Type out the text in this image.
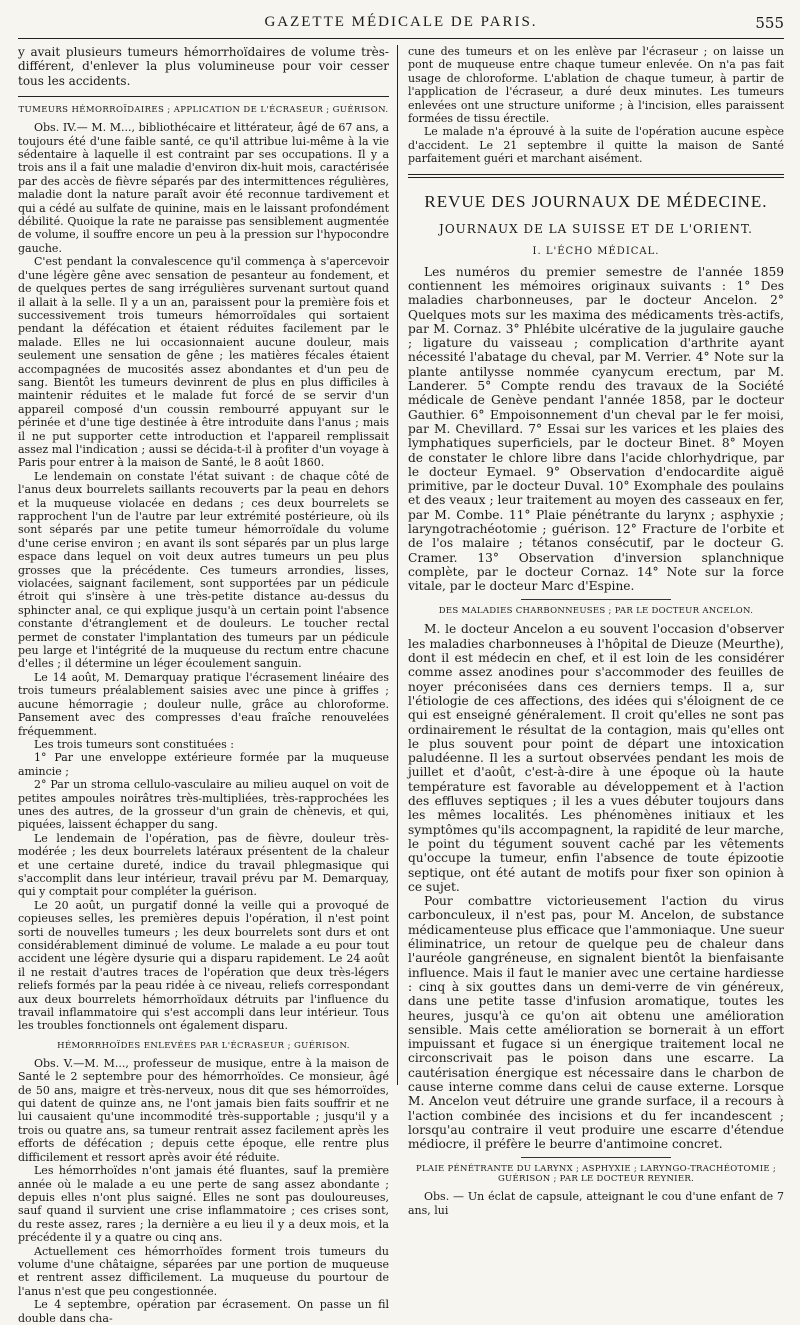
GAZETTE MÉDICALE DE PARIS.	555

y avait plusieurs tumeurs hémorrhoïdaires de volume très-différent, d'enlever la plus volumineuse pour voir cesser tous les accidents.

TUMEURS HÉMORROÏDAIRES ; APPLICATION DE L'ÉCRASEUR ; GUÉRISON.

Obs. IV.— M. M..., bibliothécaire et littérateur, âgé de 67 ans, a toujours été d'une faible santé, ce qu'il attribue lui-même à la vie sédentaire à laquelle il est contraint par ses occupations. Il y a trois ans il a fait une maladie d'environ dix-huit mois, caractérisée par des accès de fièvre séparés par des intermittences régulières, maladie dont la nature paraît avoir été reconnue tardivement et qui a cédé au sulfate de quinine, mais en le laissant profondément débilité. Quoique la rate ne paraisse pas sensiblement augmentée de volume, il souffre encore un peu à la pression sur l'hypocondre gauche.

C'est pendant la convalescence qu'il commença à s'apercevoir d'une légère gêne avec sensation de pesanteur au fondement, et de quelques pertes de sang irrégulières survenant surtout quand il allait à la selle. Il y a un an, paraissent pour la première fois et successivement trois tumeurs hémorroïdales qui sortaient pendant la défécation et étaient réduites facilement par le malade. Elles ne lui occasionnaient aucune douleur, mais seulement une sensation de gêne ; les matières fécales étaient accompagnées de mucosités assez abondantes et d'un peu de sang. Bientôt les tumeurs devinrent de plus en plus difficiles à maintenir réduites et le malade fut forcé de se servir d'un appareil composé d'un coussin rembourré appuyant sur le périnée et d'une tige destinée à être introduite dans l'anus ; mais il ne put supporter cette introduction et l'appareil remplissait assez mal l'indication ; aussi se décida-t-il à profiter d'un voyage à Paris pour entrer à la maison de Santé, le 8 août 1860.

Le lendemain on constate l'état suivant : de chaque côté de l'anus deux bourrelets saillants recouverts par la peau en dehors et la muqueuse violacée en dedans ; ces deux bourrelets se rapprochent l'un de l'autre par leur extrémité postérieure, où ils sont séparés par une petite tumeur hémorroïdale du volume d'une cerise environ ; en avant ils sont séparés par un plus large espace dans lequel on voit deux autres tumeurs un peu plus grosses que la précédente. Ces tumeurs arrondies, lisses, violacées, saignant facilement, sont supportées par un pédicule étroit qui s'insère à une très-petite distance au-dessus du sphincter anal, ce qui explique jusqu'à un certain point l'absence constante d'étranglement et de douleurs. Le toucher rectal permet de constater l'implantation des tumeurs par un pédicule peu large et l'intégrité de la muqueuse du rectum entre chacune d'elles ; il détermine un léger écoulement sanguin.

Le 14 août, M. Demarquay pratique l'écrasement linéaire des trois tumeurs préalablement saisies avec une pince à griffes ; aucune hémorragie ; douleur nulle, grâce au chloroforme. Pansement avec des compresses d'eau fraîche renouvelées fréquemment.

Les trois tumeurs sont constituées :

1° Par une enveloppe extérieure formée par la muqueuse amincie ;

2° Par un stroma cellulo-vasculaire au milieu auquel on voit de petites ampoules noirâtres très-multipliées, très-rapprochées les unes des autres, de la grosseur d'un grain de chènevis, et qui, piquées, laissent échapper du sang.

Le lendemain de l'opération, pas de fièvre, douleur très-modérée ; les deux bourrelets latéraux présentent de la chaleur et une certaine dureté, indice du travail phlegmasique qui s'accomplit dans leur intérieur, travail prévu par M. Demarquay, qui y comptait pour compléter la guérison.

Le 20 août, un purgatif donné la veille qui a provoqué de copieuses selles, les premières depuis l'opération, il n'est point sorti de nouvelles tumeurs ; les deux bourrelets sont durs et ont considérablement diminué de volume. Le malade a eu pour tout accident une légère dysurie qui a disparu rapidement. Le 24 août il ne restait d'autres traces de l'opération que deux très-légers reliefs formés par la peau ridée à ce niveau, reliefs correspondant aux deux bourrelets hémorrhoïdaux détruits par l'influence du travail inflammatoire qui s'est accompli dans leur intérieur. Tous les troubles fonctionnels ont également disparu.

HÉMORRHOÏDES ENLEVÉES PAR L'ÉCRASEUR ; GUÉRISON.

Obs. V.—M. M..., professeur de musique, entre à la maison de Santé le 2 septembre pour des hémorrhoïdes. Ce monsieur, âgé de 50 ans, maigre et très-nerveux, nous dit que ses hémorroïdes, qui datent de quinze ans, ne l'ont jamais bien faits souffrir et ne lui causaient qu'une incommodité très-supportable ; jusqu'il y a trois ou quatre ans, sa tumeur rentrait assez facilement après les efforts de défécation ; depuis cette époque, elle rentre plus difficilement et ressort après avoir été réduite.

Les hémorrhoïdes n'ont jamais été fluantes, sauf la première année où le malade a eu une perte de sang assez abondante ; depuis elles n'ont plus saigné. Elles ne sont pas douloureuses, sauf quand il survient une crise inflammatoire ; ces crises sont, du reste assez, rares ; la dernière a eu lieu il y a deux mois, et la précédente il y a quatre ou cinq ans.

Actuellement ces hémorrhoïdes forment trois tumeurs du volume d'une châtaigne, séparées par une portion de muqueuse et rentrent assez difficilement. La muqueuse du pourtour de l'anus n'est que peu congestionnée.

Le 4 septembre, opération par écrasement. On passe un fil double dans cha-

cune des tumeurs et on les enlève par l'écraseur ; on laisse un pont de muqueuse entre chaque tumeur enlevée. On n'a pas fait usage de chloroforme. L'ablation de chaque tumeur, à partir de l'application de l'écraseur, a duré deux minutes. Les tumeurs enlevées ont une structure uniforme ; à l'incision, elles paraissent formées de tissu érectile.

Le malade n'a éprouvé à la suite de l'opération aucune espèce d'accident. Le 21 septembre il quitte la maison de Santé parfaitement guéri et marchant aisément.

REVUE DES JOURNAUX DE MÉDECINE.
JOURNAUX DE LA SUISSE ET DE L'ORIENT.
I. L'ÉCHO MÉDICAL.

Les numéros du premier semestre de l'année 1859 contiennent les mémoires originaux suivants : 1° Des maladies charbonneuses, par le docteur Ancelon. 2° Quelques mots sur les maxima des médicaments très-actifs, par M. Cornaz. 3° Phlébite ulcérative de la jugulaire gauche ; ligature du vaisseau ; complication d'arthrite ayant nécessité l'abatage du cheval, par M. Verrier. 4° Note sur la plante antilysse nommée cyanycum erectum, par M. Landerer. 5° Compte rendu des travaux de la Société médicale de Genève pendant l'année 1858, par le docteur Gauthier. 6° Empoisonnement d'un cheval par le fer moisi, par M. Chevillard. 7° Essai sur les varices et les plaies des lymphatiques superficiels, par le docteur Binet. 8° Moyen de constater le chlore libre dans l'acide chlorhydrique, par le docteur Eymael. 9° Observation d'endocardite aiguë primitive, par le docteur Duval. 10° Exomphale des poulains et des veaux ; leur traitement au moyen des casseaux en fer, par M. Combe. 11° Plaie pénétrante du larynx ; asphyxie ; laryngotrachéotomie ; guérison. 12° Fracture de l'orbite et de l'os malaire ; tétanos consécutif, par le docteur G. Cramer. 13° Observation d'inversion splanchnique complète, par le docteur Cornaz. 14° Note sur la force vitale, par le docteur Marc d'Espine.

DES MALADIES CHARBONNEUSES ; PAR LE DOCTEUR ANCELON.

M. le docteur Ancelon a eu souvent l'occasion d'observer les maladies charbonneuses à l'hôpital de Dieuze (Meurthe), dont il est médecin en chef, et il est loin de les considérer comme assez anodines pour s'accommoder des feuilles de noyer préconisées dans ces derniers temps. Il a, sur l'étiologie de ces affections, des idées qui s'éloignent de ce qui est enseigné généralement. Il croit qu'elles ne sont pas ordinairement le résultat de la contagion, mais qu'elles ont le plus souvent pour point de départ une intoxication paludéenne. Il les a surtout observées pendant les mois de juillet et d'août, c'est-à-dire à une époque où la haute température est favorable au développement et à l'action des effluves septiques ; il les a vues débuter toujours dans les mêmes localités. Les phénomènes initiaux et les symptômes qu'ils accompagnent, la rapidité de leur marche, le point du tégument souvent caché par les vêtements qu'occupe la tumeur, enfin l'absence de toute épizootie septique, ont été autant de motifs pour fixer son opinion à ce sujet.

Pour combattre victorieusement l'action du virus carbonculeux, il n'est pas, pour M. Ancelon, de substance médicamenteuse plus efficace que l'ammoniaque. Une sueur éliminatrice, un retour de quelque peu de chaleur dans l'auréole gangréneuse, en signalent bientôt la bienfaisante influence. Mais il faut le manier avec une certaine hardiesse : cinq à six gouttes dans un demi-verre de vin généreux, dans une petite tasse d'infusion aromatique, toutes les heures, jusqu'à ce qu'on ait obtenu une amélioration sensible. Mais cette amélioration se bornerait à un effort impuissant et fugace si un énergique traitement local ne circonscrivait pas le poison dans une escarre. La cautérisation énergique est nécessaire dans le charbon de cause interne comme dans celui de cause externe. Lorsque M. Ancelon veut détruire une grande surface, il a recours à l'action combinée des incisions et du fer incandescent ; lorsqu'au contraire il veut produire une escarre d'étendue médiocre, il préfère le beurre d'antimoine concret.

PLAIE PÉNÉTRANTE DU LARYNX ; ASPHYXIE ; LARYNGO-TRACHÉOTOMIE ; GUÉRISON ; PAR LE DOCTEUR REYNIER.

Obs. — Un éclat de capsule, atteignant le cou d'une enfant de 7 ans, lui
